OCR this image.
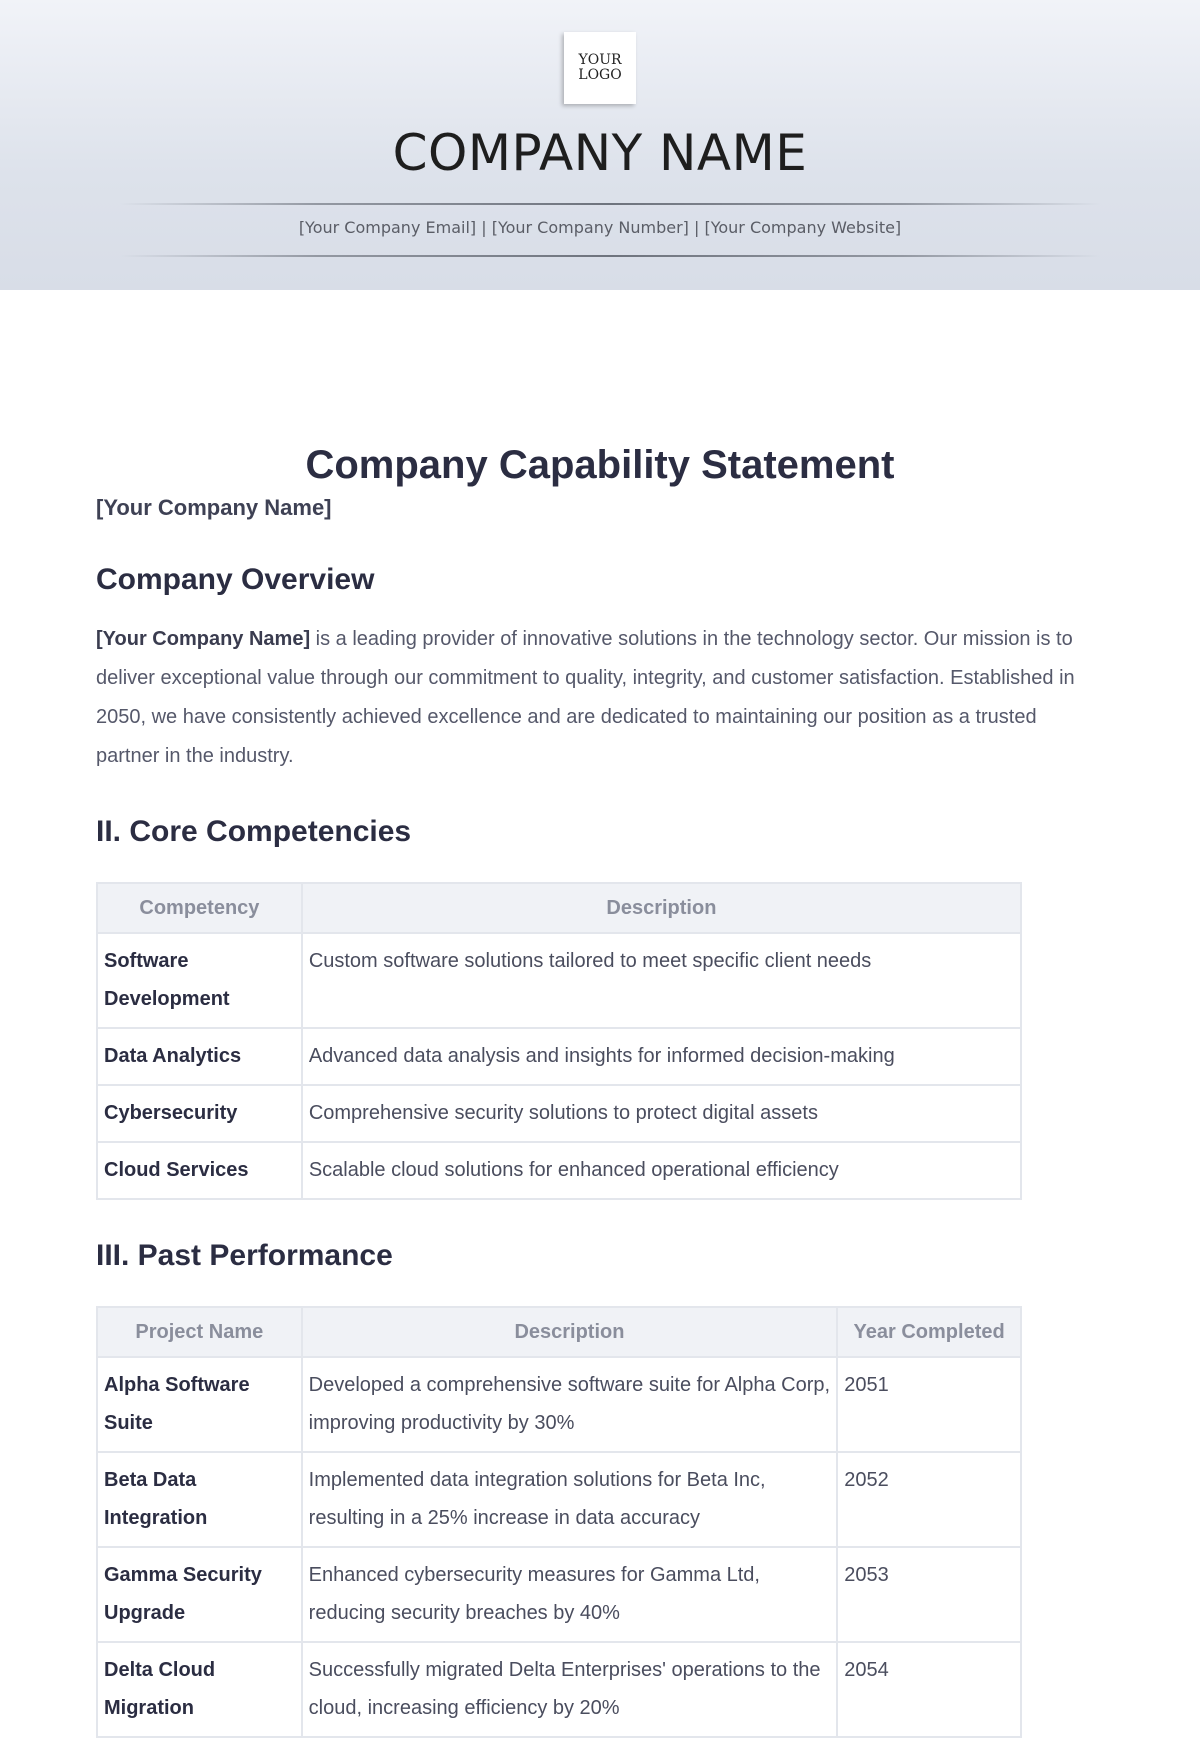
YOUR
LOGO
COMPANY NAME
[Your Company Email] | [Your Company Number] | [Your Company Website]
Company Capability Statement
[Your Company Name]
Company Overview

[Your Company Name] is a leading provider of innovative solutions in the technology sector. Our mission is to deliver exceptional value through our commitment to quality, integrity, and customer satisfaction. Established in 2050, we have consistently achieved excellence and are dedicated to maintaining our position as a trusted partner in the industry.

II. Core Competencies
Competency	Description
Software Development	Custom software solutions tailored to meet specific client needs
Data Analytics	Advanced data analysis and insights for informed decision-making
Cybersecurity	Comprehensive security solutions to protect digital assets
Cloud Services	Scalable cloud solutions for enhanced operational efficiency
III. Past Performance
Project Name	Description	Year Completed
Alpha Software Suite	Developed a comprehensive software suite for Alpha Corp, improving productivity by 30%	2051
Beta Data Integration	Implemented data integration solutions for Beta Inc, resulting in a 25% increase in data accuracy	2052
Gamma Security Upgrade	Enhanced cybersecurity measures for Gamma Ltd, reducing security breaches by 40%	2053
Delta Cloud Migration	Successfully migrated Delta Enterprises' operations to the cloud, increasing efficiency by 20%	2054
